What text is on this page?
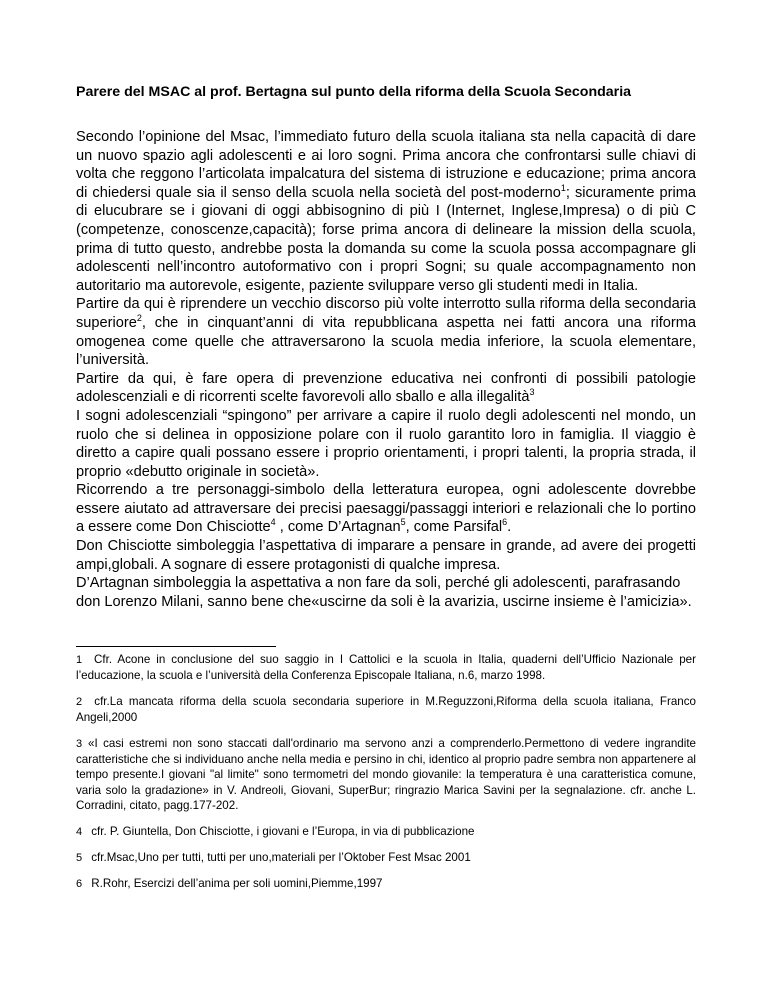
Parere del MSAC al prof. Bertagna sul punto della riforma della Scuola Secondaria

Secondo l’opinione del Msac, l’immediato futuro della scuola italiana sta nella capacità di dare un nuovo spazio agli adolescenti e ai loro sogni. Prima ancora che confrontarsi sulle chiavi di volta che reggono l’articolata impalcatura del sistema di istruzione e educazione; prima ancora di chiedersi quale sia il senso della scuola nella società del post-moderno$^1$; sicuramente prima di elucubrare se i giovani di oggi abbisognino di più I (Internet, Inglese,Impresa) o di più C (competenze, conoscenze,capacità); forse prima ancora di delineare la mission della scuola, prima di tutto questo, andrebbe posta la domanda su come la scuola possa accompagnare gli adolescenti nell’incontro autoformativo con i propri Sogni; su quale accompagnamento non autoritario ma autorevole, esigente, paziente sviluppare verso gli studenti medi in Italia.

Partire da qui è riprendere un vecchio discorso più volte interrotto sulla riforma della secondaria superiore$^2$, che in cinquant’anni di vita repubblicana aspetta nei fatti ancora una riforma omogenea come quelle che attraversarono la scuola media inferiore, la scuola elementare, l’università.

Partire da qui, è fare opera di prevenzione educativa nei confronti di possibili patologie adolescenziali e di ricorrenti scelte favorevoli allo sballo e alla illegalità$^3$

I sogni adolescenziali “spingono” per arrivare a capire il ruolo degli adolescenti nel mondo, un ruolo che si delinea in opposizione polare con il ruolo garantito loro in famiglia. Il viaggio è diretto a capire quali possano essere i proprio orientamenti, i propri talenti, la propria strada, il proprio «debutto originale in società».

Ricorrendo a tre personaggi-simbolo della letteratura europea, ogni adolescente dovrebbe essere aiutato ad attraversare dei precisi paesaggi/passaggi interiori e relazionali che lo portino a essere come Don Chisciotte$^4$ , come D’Artagnan$^5$, come Parsifal$^6$.

Don Chisciotte simboleggia l’aspettativa di imparare a pensare in grande, ad avere dei progetti ampi,globali. A sognare di essere protagonisti di qualche impresa.

D’Artagnan simboleggia la aspettativa a non fare da soli, perché gli adolescenti, parafrasando don Lorenzo Milani, sanno bene che«uscirne da soli è la avarizia, uscirne insieme è l’amicizia».

1 Cfr. Acone in conclusione del suo saggio in I Cattolici e la scuola in Italia, quaderni dell’Ufficio Nazionale per l’educazione, la scuola e l’università della Conferenza Episcopale Italiana, n.6, marzo 1998.

2 cfr.La mancata riforma della scuola secondaria superiore in M.Reguzzoni,Riforma della scuola italiana, Franco Angeli,2000

3 «I casi estremi non sono staccati dall'ordinario ma servono anzi a comprenderlo.Permettono di vedere ingrandite caratteristiche che si individuano anche nella media e persino in chi, identico al proprio padre sembra non appartenere al tempo presente.I giovani "al limite" sono termometri del mondo giovanile: la temperatura è una caratteristica comune, varia solo la gradazione» in V. Andreoli, Giovani, SuperBur; ringrazio Marica Savini per la segnalazione. cfr. anche L. Corradini, citato, pagg.177-202.

4 cfr. P. Giuntella, Don Chisciotte, i giovani e l’Europa, in via di pubblicazione

5 cfr.Msac,Uno per tutti, tutti per uno,materiali per l’Oktober Fest Msac 2001

6 R.Rohr, Esercizi dell’anima per soli uomini,Piemme,1997
